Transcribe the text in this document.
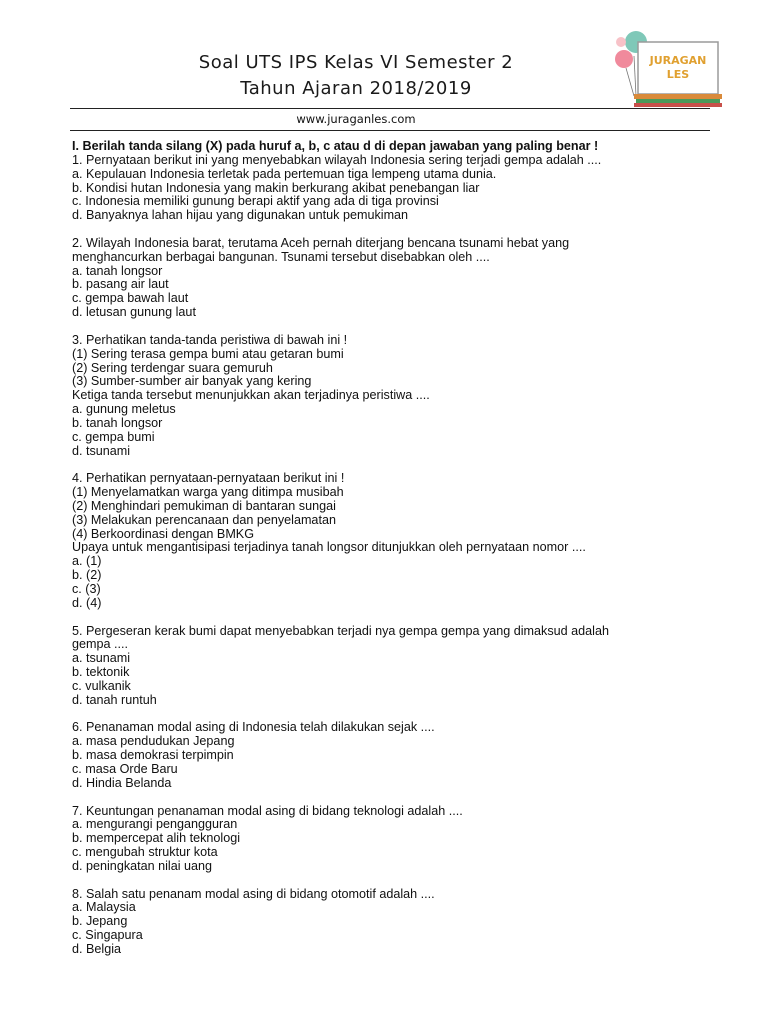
Soal UTS IPS Kelas VI Semester 2
Tahun Ajaran 2018/2019
JURAGAN
LES
www.juraganles.com
I. Berilah tanda silang (X) pada huruf a, b, c atau d di depan jawaban yang paling benar !
1. Pernyataan berikut ini yang menyebabkan wilayah Indonesia sering terjadi gempa adalah ....
a. Kepulauan Indonesia terletak pada pertemuan tiga lempeng utama dunia.
b. Kondisi hutan Indonesia yang makin berkurang akibat penebangan liar
c. Indonesia memiliki gunung berapi aktif yang ada di tiga provinsi
d. Banyaknya lahan hijau yang digunakan untuk pemukiman
2. Wilayah Indonesia barat, terutama Aceh pernah diterjang bencana tsunami hebat yang
menghancurkan berbagai bangunan. Tsunami tersebut disebabkan oleh ....
a. tanah longsor
b. pasang air laut
c. gempa bawah laut
d. letusan gunung laut
3. Perhatikan tanda-tanda peristiwa di bawah ini !
(1) Sering terasa gempa bumi atau getaran bumi
(2) Sering terdengar suara gemuruh
(3) Sumber-sumber air banyak yang kering
Ketiga tanda tersebut menunjukkan akan terjadinya peristiwa ....
a. gunung meletus
b. tanah longsor
c. gempa bumi
d. tsunami
4. Perhatikan pernyataan-pernyataan berikut ini !
(1) Menyelamatkan warga yang ditimpa musibah
(2) Menghindari pemukiman di bantaran sungai
(3) Melakukan perencanaan dan penyelamatan
(4) Berkoordinasi dengan BMKG
Upaya untuk mengantisipasi terjadinya tanah longsor ditunjukkan oleh pernyataan nomor ....
a. (1)
b. (2)
c. (3)
d. (4)
5. Pergeseran kerak bumi dapat menyebabkan terjadi nya gempa gempa yang dimaksud adalah
gempa ....
a. tsunami
b. tektonik
c. vulkanik
d. tanah runtuh
6. Penanaman modal asing di Indonesia telah dilakukan sejak ....
a. masa pendudukan Jepang
b. masa demokrasi terpimpin
c. masa Orde Baru
d. Hindia Belanda
7. Keuntungan penanaman modal asing di bidang teknologi adalah ....
a. mengurangi pengangguran
b. mempercepat alih teknologi
c. mengubah struktur kota
d. peningkatan nilai uang
8. Salah satu penanam modal asing di bidang otomotif adalah ....
a. Malaysia
b. Jepang
c. Singapura
d. Belgia
